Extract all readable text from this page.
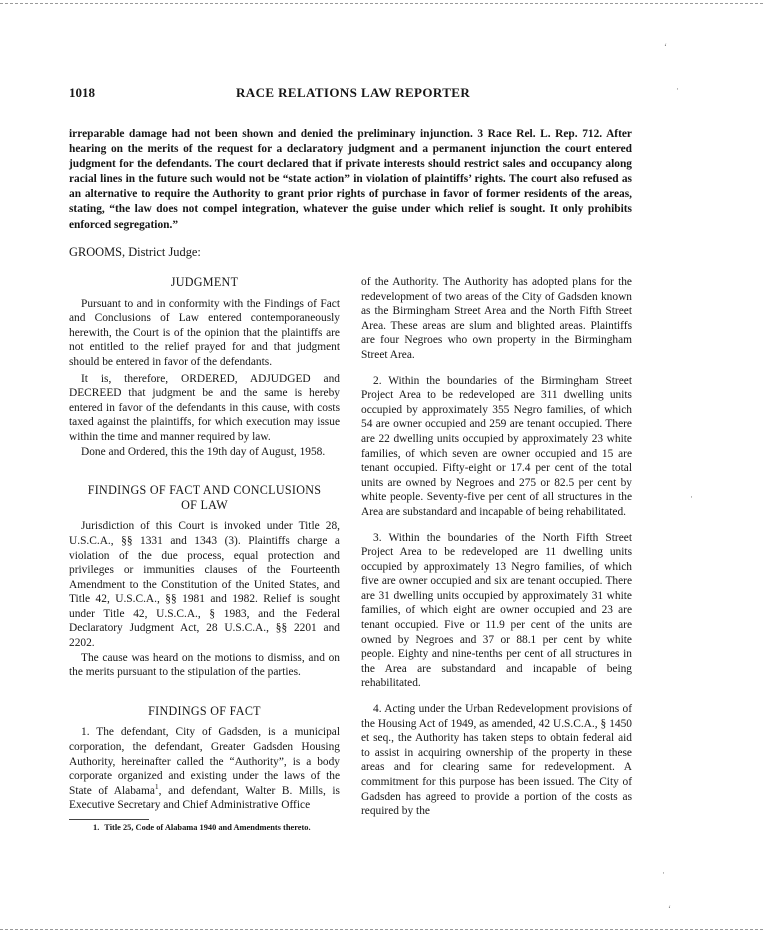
1018	RACE RELATIONS LAW REPORTER
irreparable damage had not been shown and denied the preliminary injunction. 3 Race Rel. L. Rep. 712. After hearing on the merits of the request for a declaratory judgment and a permanent injunction the court entered judgment for the defendants. The court declared that if private interests should restrict sales and occupancy along racial lines in the future such would not be “state action” in violation of plaintiffs’ rights. The court also refused as an alternative to require the Authority to grant prior rights of purchase in favor of former residents of the areas, stating, “the law does not compel integration, whatever the guise under which relief is sought. It only prohibits enforced segregation.”
GROOMS, District Judge:
JUDGMENT

Pursuant to and in conformity with the Findings of Fact and Conclusions of Law entered contemporaneously herewith, the Court is of the opinion that the plaintiffs are not entitled to the relief prayed for and that judgment should be entered in favor of the defendants.

It is, therefore, ORDERED, ADJUDGED and DECREED that judgment be and the same is hereby entered in favor of the defendants in this cause, with costs taxed against the plaintiffs, for which execution may issue within the time and manner required by law.

Done and Ordered, this the 19th day of August, 1958.

FINDINGS OF FACT AND CONCLUSIONS
OF LAW

Jurisdiction of this Court is invoked under Title 28, U.S.C.A., §§ 1331 and 1343 (3). Plaintiffs charge a violation of the due process, equal protection and privileges or immunities clauses of the Fourteenth Amendment to the Constitution of the United States, and Title 42, U.S.C.A., §§ 1981 and 1982. Relief is sought under Title 42, U.S.C.A., § 1983, and the Federal Declaratory Judgment Act, 28 U.S.C.A., §§ 2201 and 2202.

The cause was heard on the motions to dismiss, and on the merits pursuant to the stipulation of the parties.

FINDINGS OF FACT

1. The defendant, City of Gadsden, is a municipal corporation, the defendant, Greater Gadsden Housing Authority, hereinafter called the “Authority”, is a body corporate organized and existing under the laws of the State of Alabama$^1$, and defendant, Walter B. Mills, is Executive Secretary and Chief Administrative Office

1. Title 25, Code of Alabama 1940 and Amendments thereto.

of the Authority. The Authority has adopted plans for the redevelopment of two areas of the City of Gadsden known as the Birmingham Street Area and the North Fifth Street Area. These areas are slum and blighted areas. Plaintiffs are four Negroes who own property in the Birmingham Street Area.

2. Within the boundaries of the Birmingham Street Project Area to be redeveloped are 311 dwelling units occupied by approximately 355 Negro families, of which 54 are owner occupied and 259 are tenant occupied. There are 22 dwelling units occupied by approximately 23 white families, of which seven are owner occupied and 15 are tenant occupied. Fifty-eight or 17.4 per cent of the total units are owned by Negroes and 275 or 82.5 per cent by white people. Seventy-five per cent of all structures in the Area are substandard and incapable of being rehabilitated.

3. Within the boundaries of the North Fifth Street Project Area to be redeveloped are 11 dwelling units occupied by approximately 13 Negro families, of which five are owner occupied and six are tenant occupied. There are 31 dwelling units occupied by approximately 31 white families, of which eight are owner occupied and 23 are tenant occupied. Five or 11.9 per cent of the units are owned by Negroes and 37 or 88.1 per cent by white people. Eighty and nine-tenths per cent of all structures in the Area are substandard and incapable of being rehabilitated.

4. Acting under the Urban Redevelopment provisions of the Housing Act of 1949, as amended, 42 U.S.C.A., § 1450 et seq., the Authority has taken steps to obtain federal aid to assist in acquiring ownership of the property in these areas and for clearing same for redevelopment. A commitment for this purpose has been issued. The City of Gadsden has agreed to provide a portion of the costs as required by the

‘
·
·
·
‘
